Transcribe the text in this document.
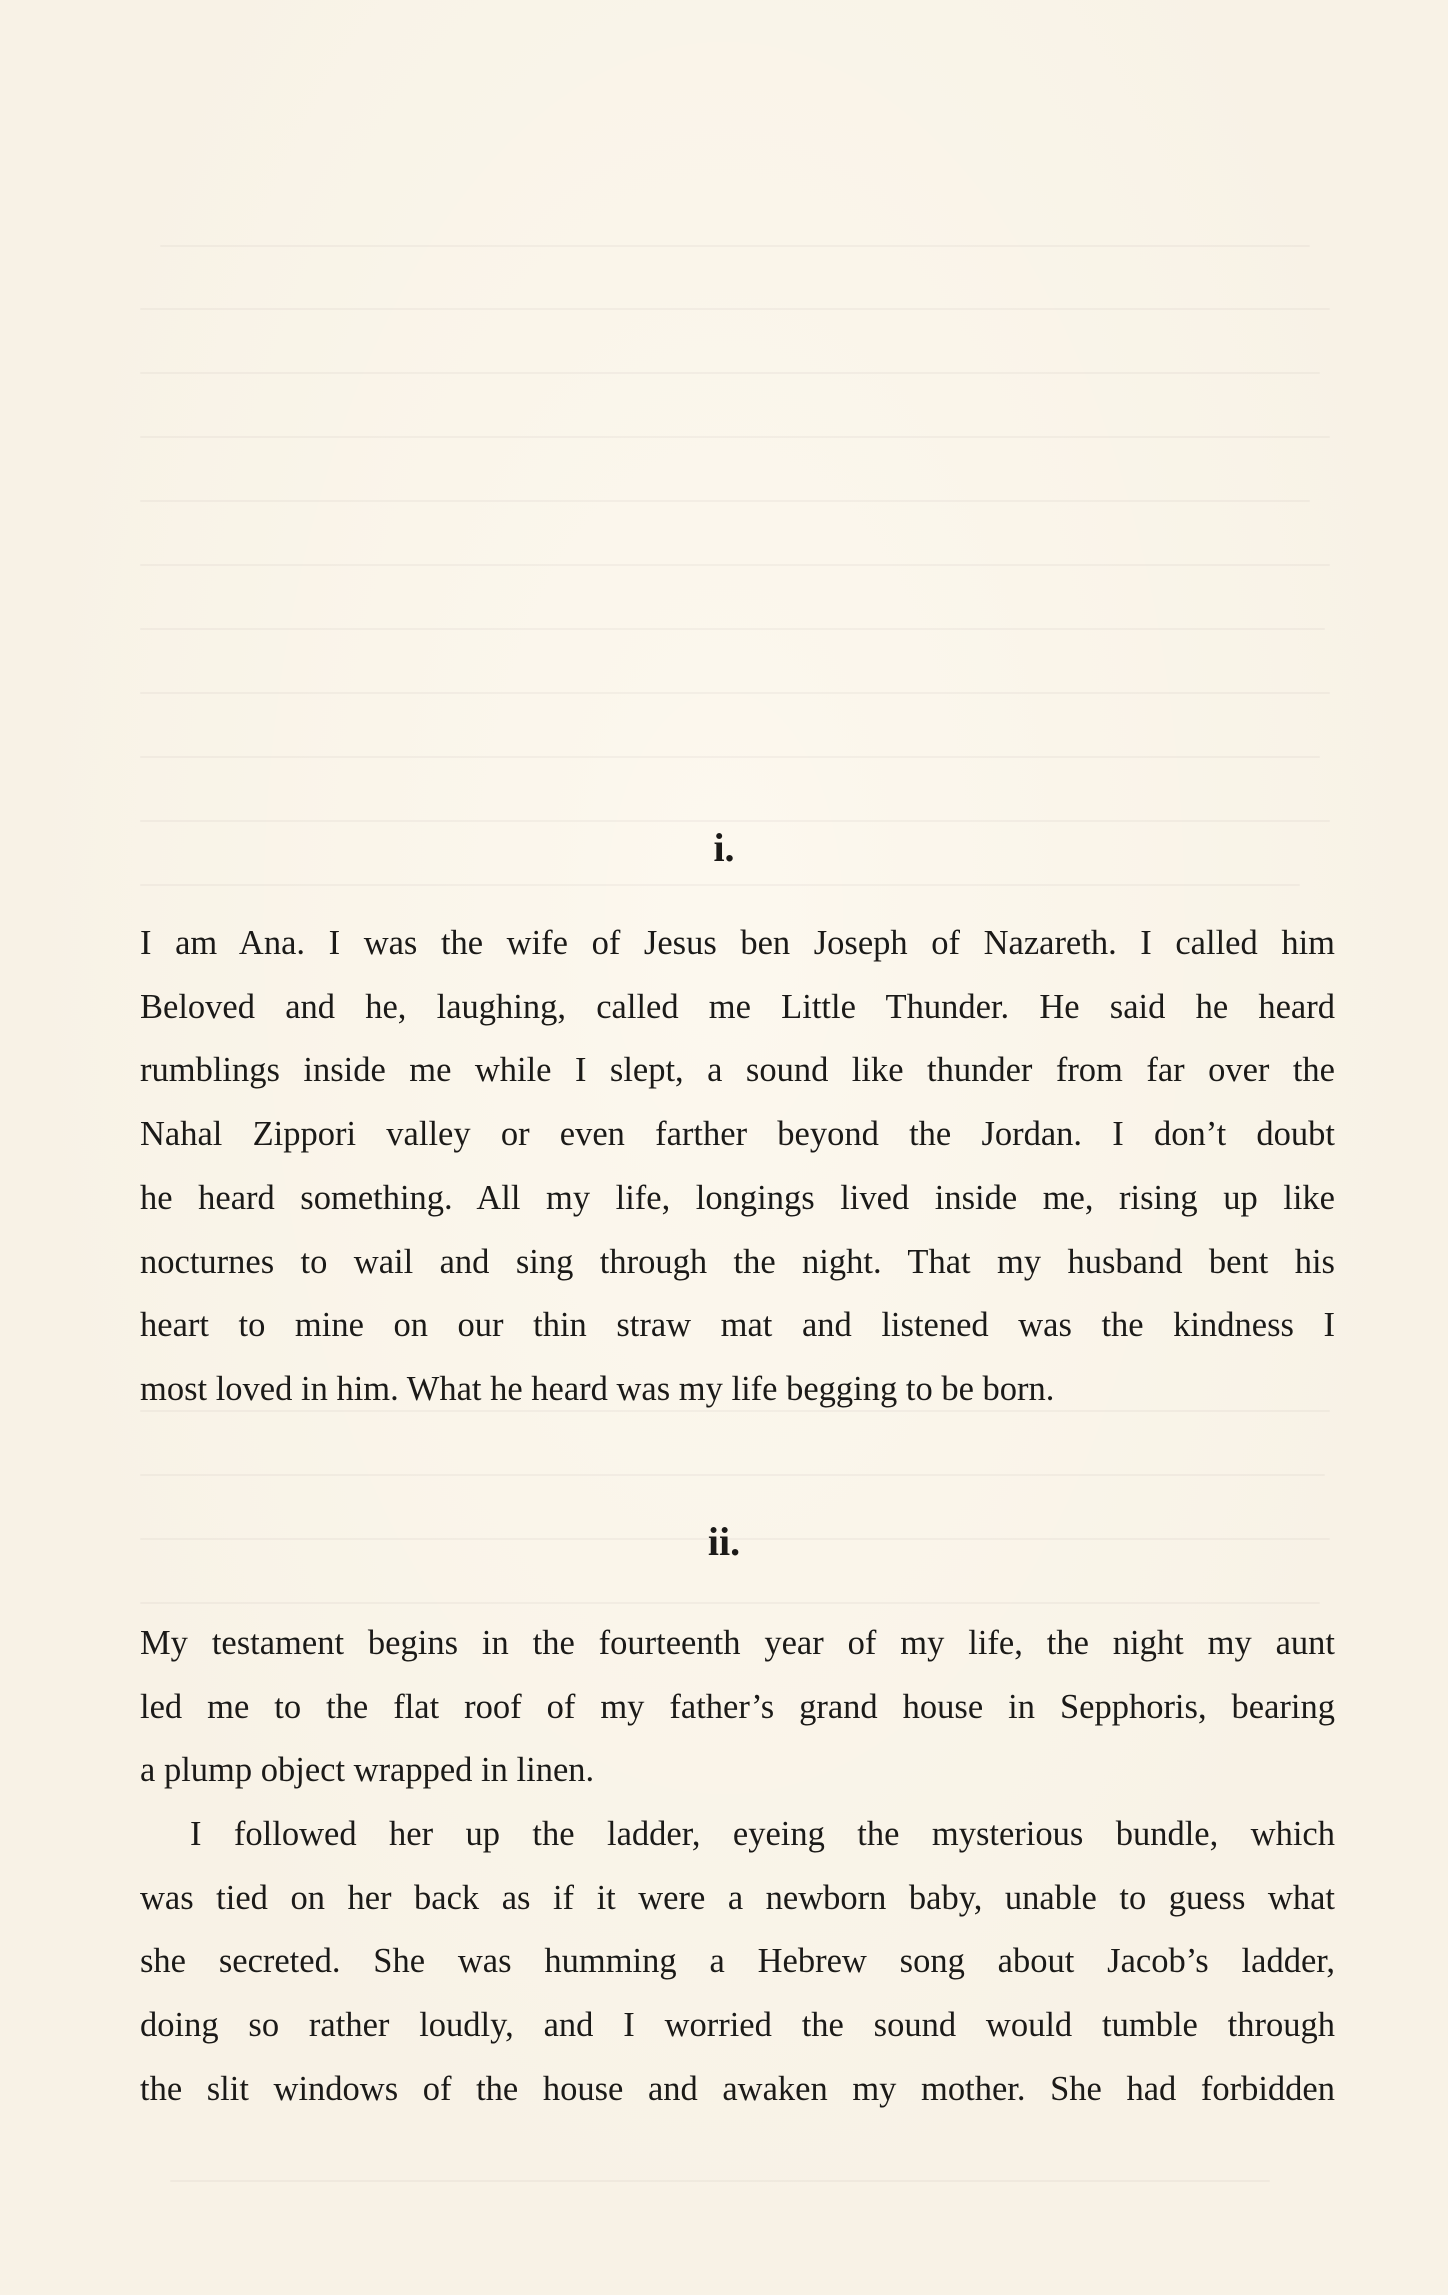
i.
I am Ana. I was the wife of Jesus ben Joseph of Nazareth. I called him
Beloved and he, laughing, called me Little Thunder. He said he heard
rumblings inside me while I slept, a sound like thunder from far over the
Nahal Zippori valley or even farther beyond the Jordan. I don’t doubt
he heard something. All my life, longings lived inside me, rising up like
nocturnes to wail and sing through the night. That my husband bent his
heart to mine on our thin straw mat and listened was the kindness I
most loved in him. What he heard was my life begging to be born.
ii.
My testament begins in the fourteenth year of my life, the night my aunt
led me to the flat roof of my father’s grand house in Sepphoris, bearing
a plump object wrapped in linen.
I followed her up the ladder, eyeing the mysterious bundle, which
was tied on her back as if it were a newborn baby, unable to guess what
she secreted. She was humming a Hebrew song about Jacob’s ladder,
doing so rather loudly, and I worried the sound would tumble through
the slit windows of the house and awaken my mother. She had forbidden
